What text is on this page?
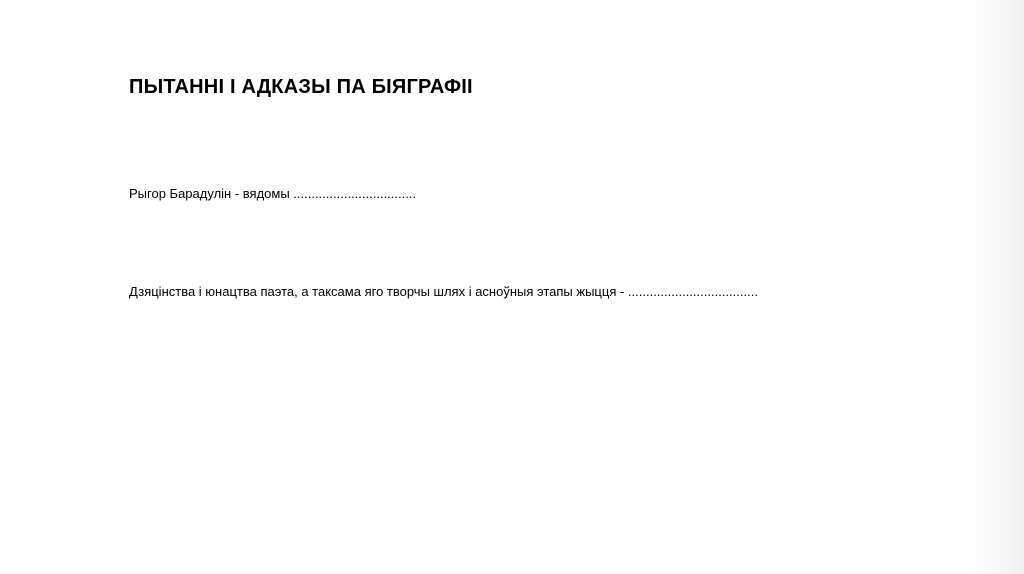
ПЫТАННІ І АДКАЗЫ ПА БІЯГРАФІІ
Рыгор Барадулін - вядомы ..................................
Дзяцінства і юнацтва паэта, а таксама яго творчы шлях і асноўныя этапы жыцця - ....................................
